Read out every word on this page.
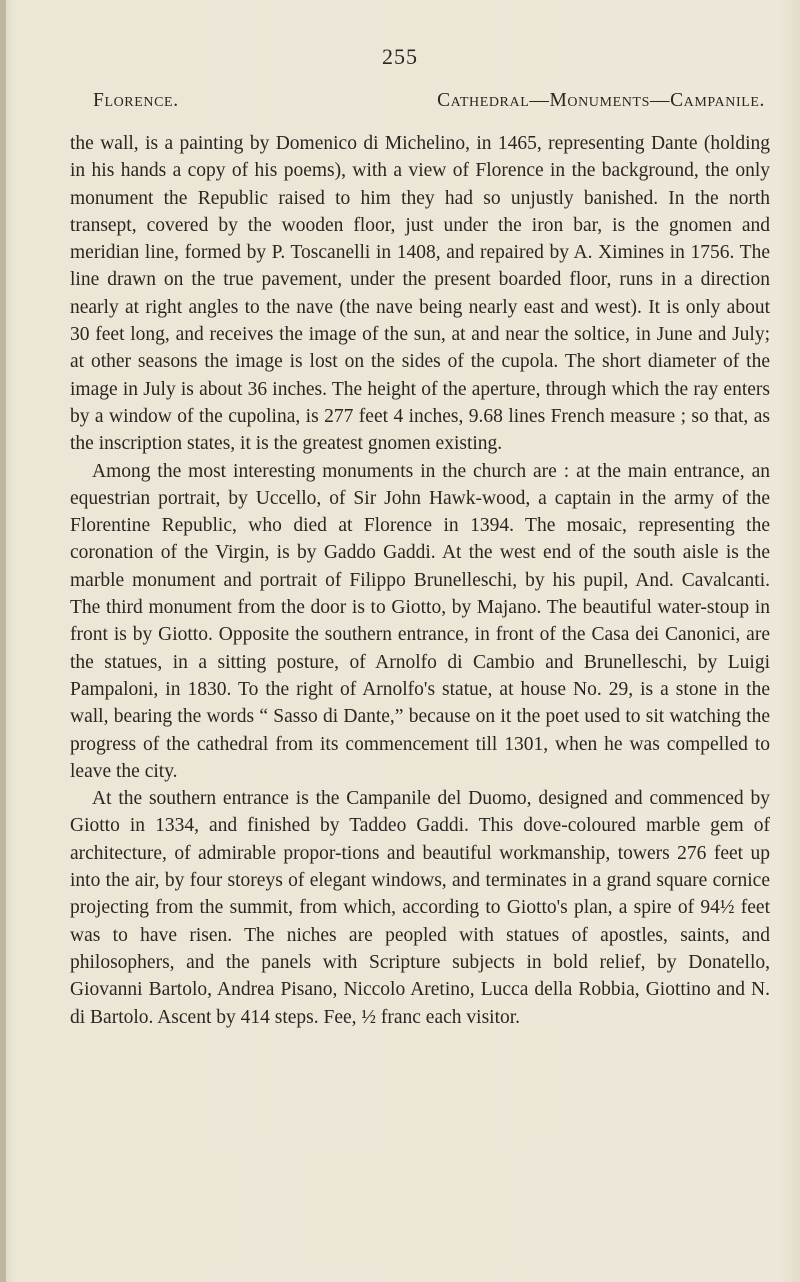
255
Florence.	Cathedral—Monuments—Campanile.

the wall, is a painting by Domenico di Michelino, in 1465, representing Dante (holding in his hands a copy of his poems), with a view of Florence in the background, the only monument the Republic raised to him they had so unjustly banished. In the north transept, covered by the wooden floor, just under the iron bar, is the gnomen and meridian line, formed by P. Toscanelli in 1408, and repaired by A. Ximines in 1756. The line drawn on the true pavement, under the present boarded floor, runs in a direction nearly at right angles to the nave (the nave being nearly east and west). It is only about 30 feet long, and receives the image of the sun, at and near the soltice, in June and July; at other seasons the image is lost on the sides of the cupola. The short diameter of the image in July is about 36 inches. The height of the aperture, through which the ray enters by a window of the cupolina, is 277 feet 4 inches, 9.68 lines French measure ; so that, as the inscription states, it is the greatest gnomen existing.

Among the most interesting monuments in the church are : at the main entrance, an equestrian portrait, by Uccello, of Sir John Hawk-wood, a captain in the army of the Florentine Republic, who died at Florence in 1394. The mosaic, representing the coronation of the Virgin, is by Gaddo Gaddi. At the west end of the south aisle is the marble monument and portrait of Filippo Brunelleschi, by his pupil, And. Cavalcanti. The third monument from the door is to Giotto, by Majano. The beautiful water-stoup in front is by Giotto. Opposite the southern entrance, in front of the Casa dei Canonici, are the statues, in a sitting posture, of Arnolfo di Cambio and Brunelleschi, by Luigi Pampaloni, in 1830. To the right of Arnolfo's statue, at house No. 29, is a stone in the wall, bearing the words “ Sasso di Dante,” because on it the poet used to sit watching the progress of the cathedral from its commencement till 1301, when he was compelled to leave the city.

At the southern entrance is the Campanile del Duomo, designed and commenced by Giotto in 1334, and finished by Taddeo Gaddi. This dove-coloured marble gem of architecture, of admirable propor-tions and beautiful workmanship, towers 276 feet up into the air, by four storeys of elegant windows, and terminates in a grand square cornice projecting from the summit, from which, according to Giotto's plan, a spire of 94½ feet was to have risen. The niches are peopled with statues of apostles, saints, and philosophers, and the panels with Scripture subjects in bold relief, by Donatello, Giovanni Bartolo, Andrea Pisano, Niccolo Aretino, Lucca della Robbia, Giottino and N. di Bartolo. Ascent by 414 steps. Fee, ½ franc each visitor.
